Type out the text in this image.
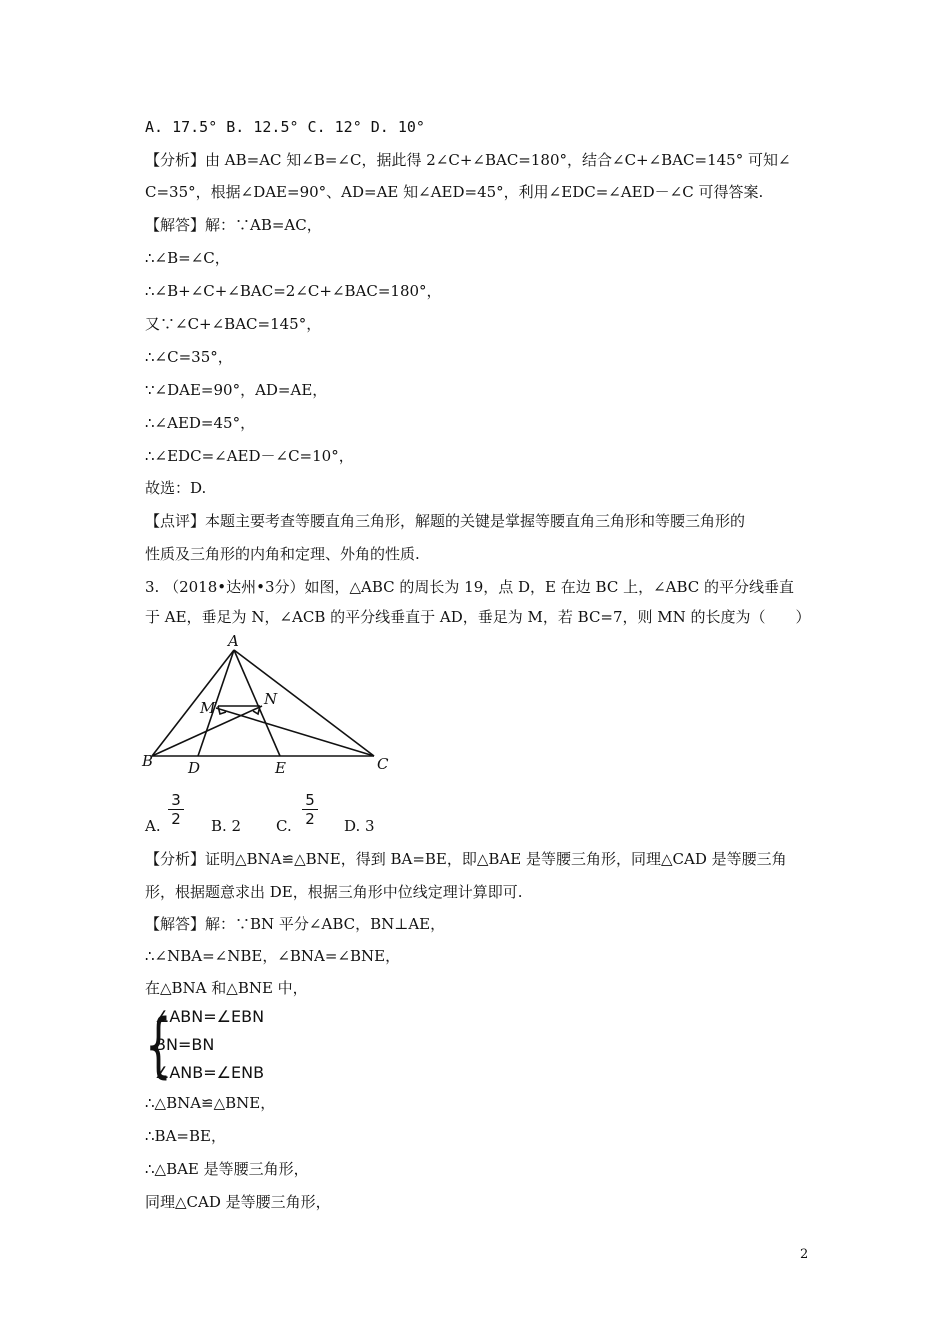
A. 17.5° B. 12.5° C. 12° D. 10°
【分析】由 AB=AC 知∠B=∠C，据此得 2∠C+∠BAC=180°，结合∠C+∠BAC=145° 可知∠
C=35°，根据∠DAE=90°、AD=AE 知∠AED=45°，利用∠EDC=∠AED－∠C 可得答案.
【解答】解：∵AB=AC，
∴∠B=∠C，
∴∠B+∠C+∠BAC=2∠C+∠BAC=180°，
又∵∠C+∠BAC=145°，
∴∠C=35°，
∵∠DAE=90°，AD=AE，
∴∠AED=45°，
∴∠EDC=∠AED－∠C=10°，
故选：D.
【点评】本题主要考查等腰直角三角形，解题的关键是掌握等腰直角三角形和等腰三角形的
性质及三角形的内角和定理、外角的性质.
3. （2018•达州•3分）如图，△ABC 的周长为 19，点 D，E 在边 BC 上，∠ABC 的平分线垂直
于 AE，垂足为 N，∠ACB 的平分线垂直于 AD，垂足为 M，若 BC=7，则 MN 的长度为（　　）
A
B	C
D	E
M	N
A.
3
2 B. 2 C.
5
2 D. 3
【分析】证明△BNA≌△BNE，得到 BA=BE，即△BAE 是等腰三角形，同理△CAD 是等腰三角
形，根据题意求出 DE，根据三角形中位线定理计算即可.
【解答】解：∵BN 平分∠ABC，BN⊥AE，
∴∠NBA=∠NBE，∠BNA=∠BNE，
在△BNA 和△BNE 中，
{
∠ABN=∠EBN
BN=BN
∠ANB=∠ENB
∴△BNA≌△BNE，
∴BA=BE，
∴△BAE 是等腰三角形，
同理△CAD 是等腰三角形，
2
